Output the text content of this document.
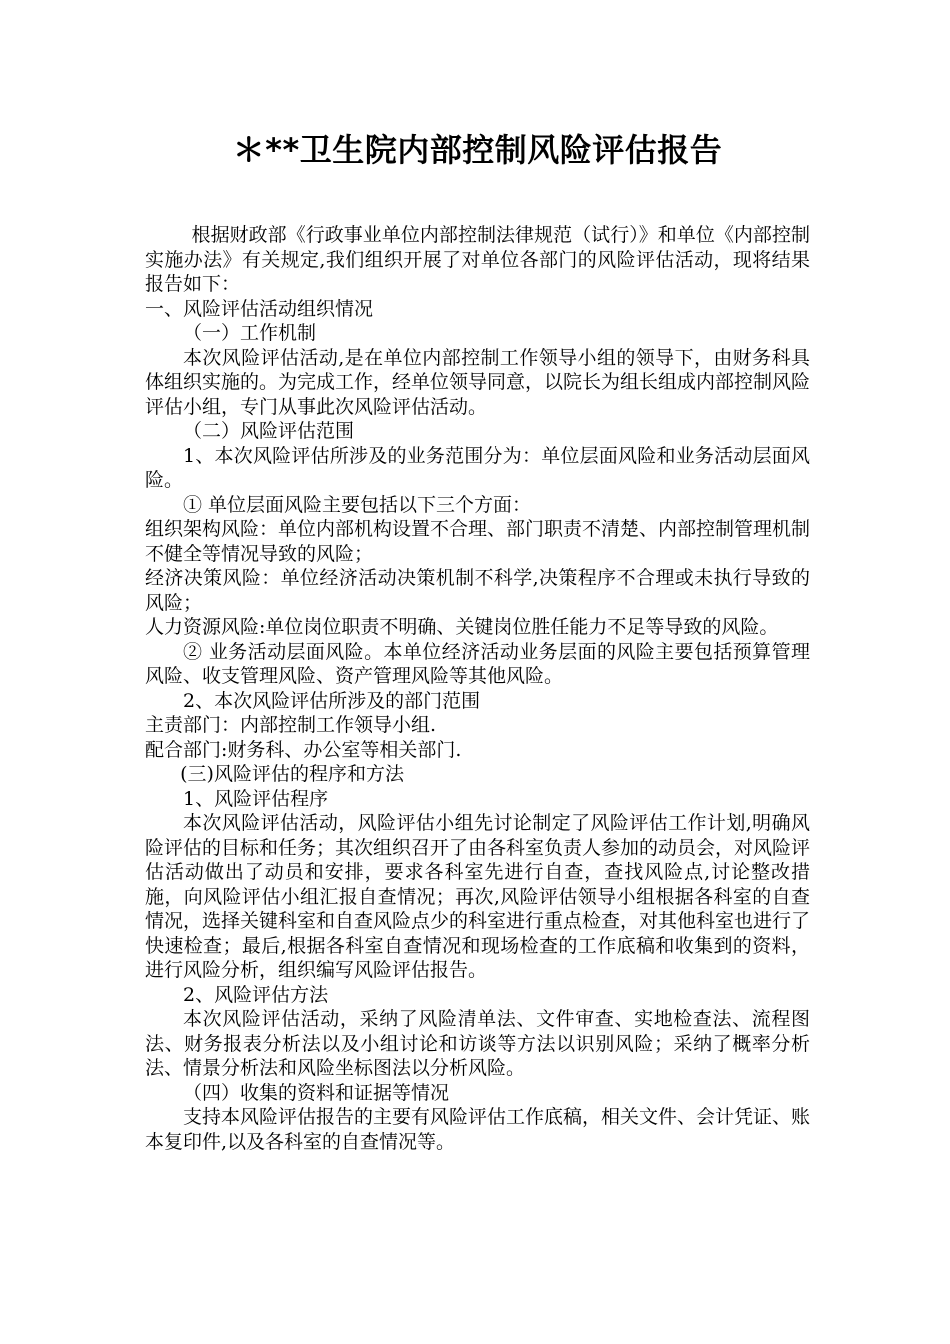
＊**卫生院内部控制风险评估报告

根据财政部《行政事业单位内部控制法律规范（试行）》和单位《内部控制实施办法》有关规定,我们组织开展了对单位各部门的风险评估活动，现将结果报告如下：

一、风险评估活动组织情况

（一）工作机制

本次风险评估活动,是在单位内部控制工作领导小组的领导下，由财务科具体组织实施的。为完成工作，经单位领导同意，以院长为组长组成内部控制风险评估小组，专门从事此次风险评估活动。

（二）风险评估范围

1、本次风险评估所涉及的业务范围分为：单位层面风险和业务活动层面风险。

① 单位层面风险主要包括以下三个方面：

组织架构风险：单位内部机构设置不合理、部门职责不清楚、内部控制管理机制不健全等情况导致的风险；

经济决策风险：单位经济活动决策机制不科学,决策程序不合理或未执行导致的风险；

人力资源风险:单位岗位职责不明确、关键岗位胜任能力不足等导致的风险。

② 业务活动层面风险。本单位经济活动业务层面的风险主要包括预算管理风险、收支管理风险、资产管理风险等其他风险。

2、本次风险评估所涉及的部门范围

主责部门：内部控制工作领导小组.

配合部门:财务科、办公室等相关部门.

(三)风险评估的程序和方法

1、风险评估程序

本次风险评估活动，风险评估小组先讨论制定了风险评估工作计划,明确风险评估的目标和任务；其次组织召开了由各科室负责人参加的动员会，对风险评估活动做出了动员和安排，要求各科室先进行自查，查找风险点,讨论整改措施，向风险评估小组汇报自查情况；再次,风险评估领导小组根据各科室的自查情况，选择关键科室和自查风险点少的科室进行重点检查，对其他科室也进行了快速检查；最后,根据各科室自查情况和现场检查的工作底稿和收集到的资料，进行风险分析，组织编写风险评估报告。

2、风险评估方法

本次风险评估活动，采纳了风险清单法、文件审查、实地检查法、流程图法、财务报表分析法以及小组讨论和访谈等方法以识别风险；采纳了概率分析法、情景分析法和风险坐标图法以分析风险。

（四）收集的资料和证据等情况

支持本风险评估报告的主要有风险评估工作底稿，相关文件、会计凭证、账本复印件,以及各科室的自查情况等。
